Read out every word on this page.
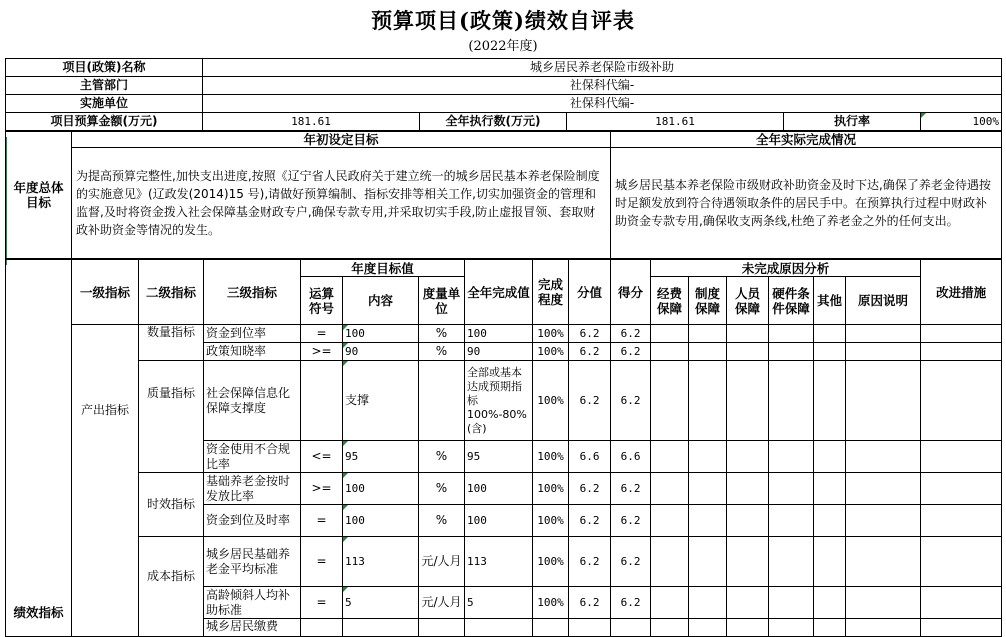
预算项目(政策)绩效自评表
(2022年度)
项目(政策)名称	城乡居民养老保险市级补助				
主管部门	社保科代编-				
实施单位	社保科代编-				
项目预算金额(万元)	181.61	全年执行数(万元)	181.61	执行率	100%
年度总体目标	年初设定目标	全年实际完成情况
	为提高预算完整性,加快支出进度,按照《辽宁省人民政府关于建立统一的城乡居民基本养老保险制度的实施意见》(辽政发(2014)15 号),请做好预算编制、指标安排等相关工作,切实加强资金的管理和监督,及时将资金拨入社会保障基金财政专户,确保专款专用,并采取切实手段,防止虚报冒领、套取财政补助资金等情况的发生。	城乡居民基本养老保险市级财政补助资金及时下达,确保了养老金待遇按时足额发放到符合待遇领取条件的居民手中。在预算执行过程中财政补助资金专款专用,确保收支两条线,杜绝了养老金之外的任何支出。
绩效指标	一级指标	二级指标	三级指标	年度目标值			全年完成值	完成程度	分值	得分	未完成原因分析						改进措施
				运算符号	内容	度量单位					经费保障	制度保障	人员保障	硬件条件保障	其他	原因说明	
	产出指标	数量指标	资金到位率	=	100	%	100	100%	6.2	6.2							
			政策知晓率	>=	90	%	90	100%	6.2	6.2							
		质量指标	社会保障信息化保障支撑度		支撑		全部或基本达成预期指标100%-80%(含)	100%	6.2	6.2							
			资金使用不合规比率	<=	95	%	95	100%	6.6	6.6							
		时效指标	基础养老金按时发放比率	>=	100	%	100	100%	6.2	6.2							
			资金到位及时率	=	100	%	100	100%	6.2	6.2							
		成本指标	城乡居民基础养老金平均标准	=	113	元/人月	113	100%	6.2	6.2							
			高龄倾斜人均补助标准	=	5	元/人月	5	100%	6.2	6.2							
			城乡居民缴费														
